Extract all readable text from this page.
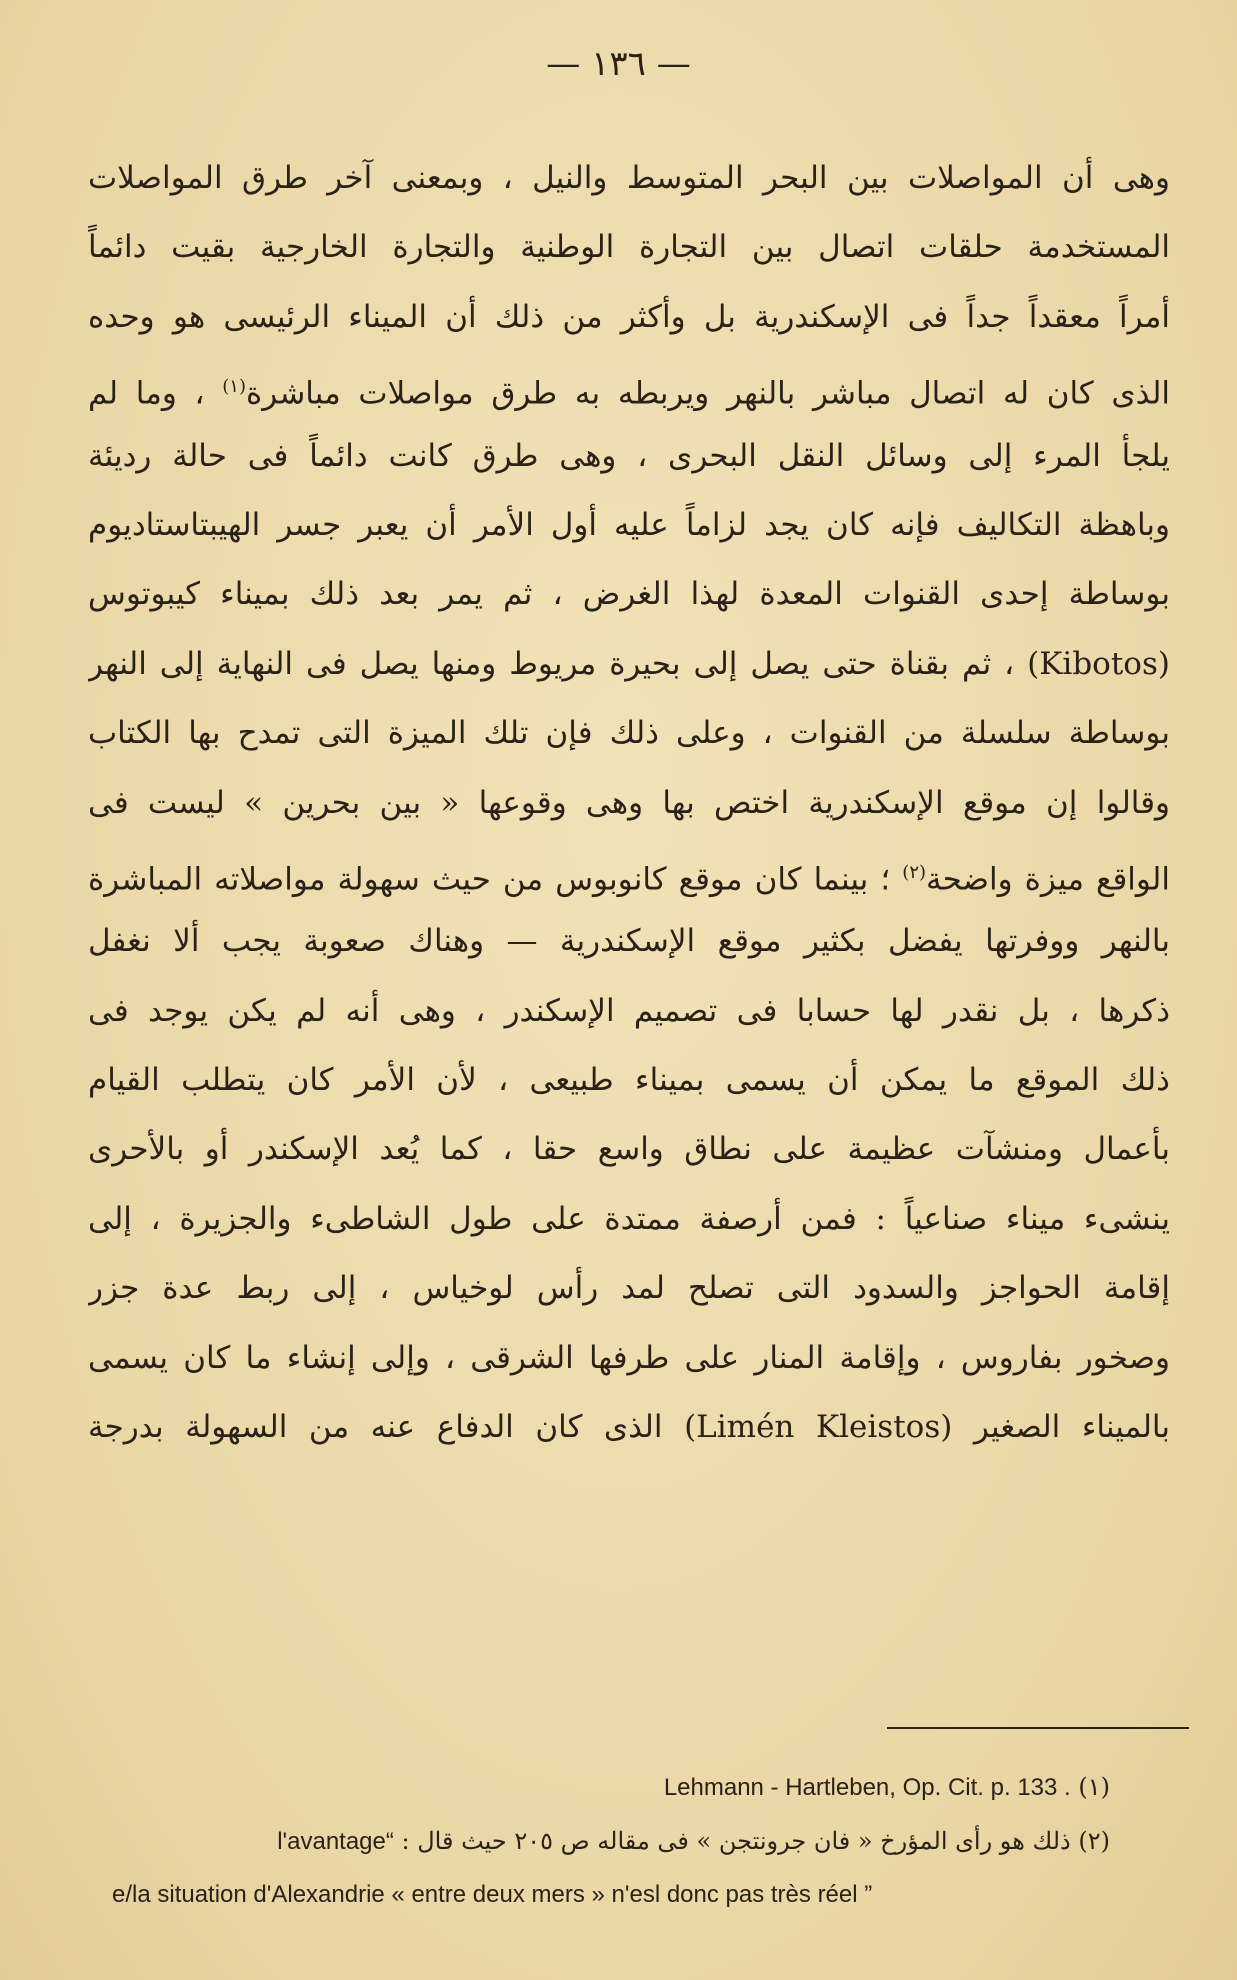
— ١٣٦ —
وهى أن المواصلات بين البحر المتوسط والنيل ، وبمعنى آخر طرق المواصلات
المستخدمة حلقات اتصال بين التجارة الوطنية والتجارة الخارجية بقيت دائماً
أمراً معقداً جداً فى الإسكندرية بل وأكثر من ذلك أن الميناء الرئيسى هو وحده
الذى كان له اتصال مباشر بالنهر ويربطه به طرق مواصلات مباشرة$^{(١)}$ ، وما لم
يلجأ المرء إلى وسائل النقل البحرى ، وهى طرق كانت دائماً فى حالة رديئة
وباهظة التكاليف فإنه كان يجد لزاماً عليه أول الأمر أن يعبر جسر الهيبتاستاديوم
بوساطة إحدى القنوات المعدة لهذا الغرض ، ثم يمر بعد ذلك بميناء كيبوتوس
(Kibotos) ، ثم بقناة حتى يصل إلى بحيرة مريوط ومنها يصل فى النهاية إلى النهر
بوساطة سلسلة من القنوات ، وعلى ذلك فإن تلك الميزة التى تمدح بها الكتاب
وقالوا إن موقع الإسكندرية اختص بها وهى وقوعها « بين بحرين » ليست فى
الواقع ميزة واضحة$^{(٢)}$ ؛ بينما كان موقع كانوبوس من حيث سهولة مواصلاته المباشرة
بالنهر ووفرتها يفضل بكثير موقع الإسكندرية — وهناك صعوبة يجب ألا نغفل
ذكرها ، بل نقدر لها حسابا فى تصميم الإسكندر ، وهى أنه لم يكن يوجد فى
ذلك الموقع ما يمكن أن يسمى بميناء طبيعى ، لأن الأمر كان يتطلب القيام
بأعمال ومنشآت عظيمة على نطاق واسع حقا ، كما يُعد الإسكندر أو بالأحرى
ينشىء ميناء صناعياً : فمن أرصفة ممتدة على طول الشاطىء والجزيرة ، إلى
إقامة الحواجز والسدود التى تصلح لمد رأس لوخياس ، إلى ربط عدة جزر
وصخور بفاروس ، وإقامة المنار على طرفها الشرقى ، وإلى إنشاء ما كان يسمى
بالميناء الصغير (Limén Kleistos) الذى كان الدفاع عنه من السهولة بدرجة
(١) . Lehmann - Hartleben, Op. Cit. p. 133
(٢) ذلك هو رأى المؤرخ « فان جرونتجن » فى مقاله ص ٢٠٥ حيث قال : “l'avantage
e/la situation d'Alexandrie « entre deux mers » n'esl donc pas très réel ”
